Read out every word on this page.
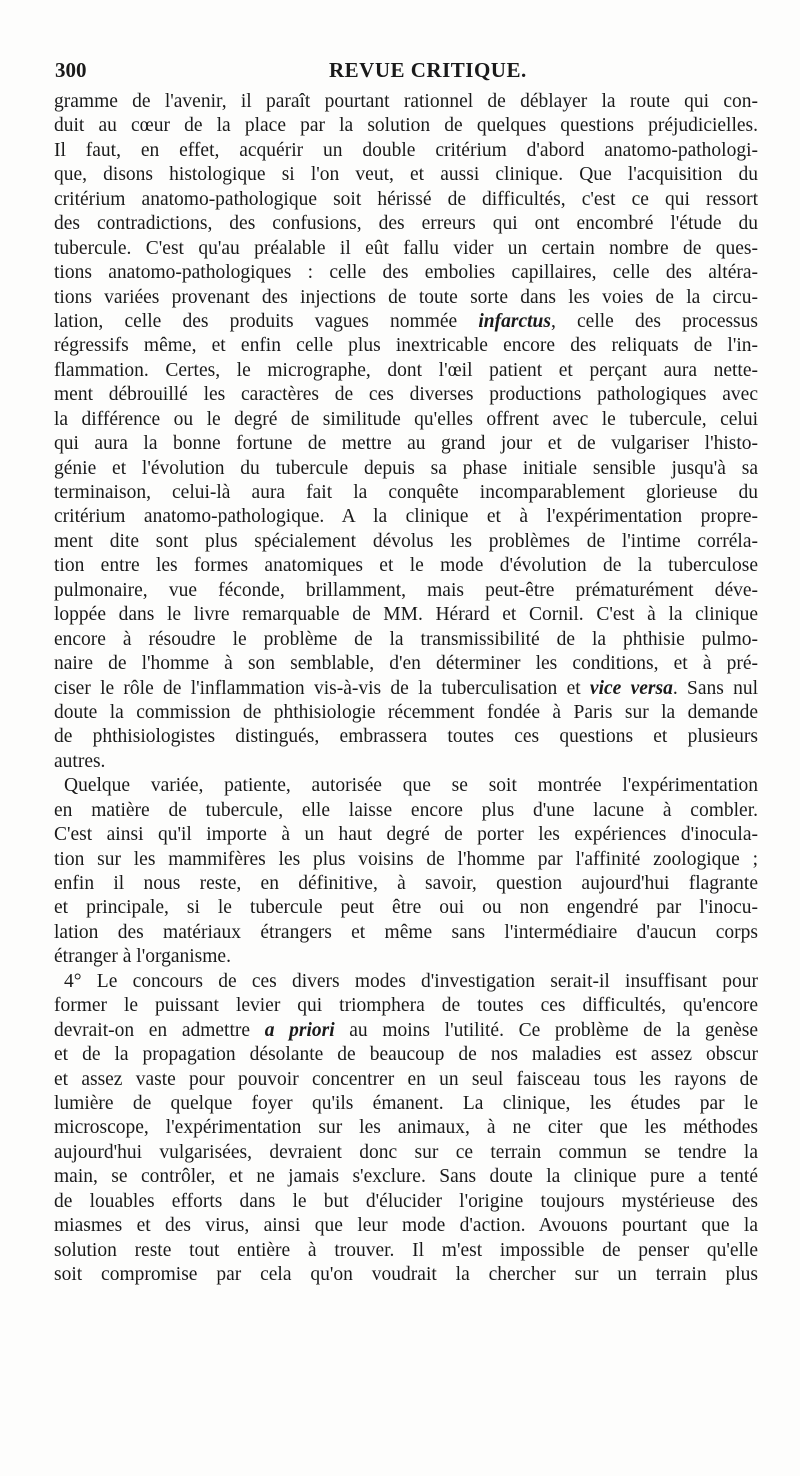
300	REVUE CRITIQUE.
gramme de l'avenir, il paraît pourtant rationnel de déblayer la route qui con-
duit au cœur de la place par la solution de quelques questions préjudicielles.
Il faut, en effet, acquérir un double critérium d'abord anatomo-pathologi-
que, disons histologique si l'on veut, et aussi clinique. Que l'acquisition du
critérium anatomo-pathologique soit hérissé de difficultés, c'est ce qui ressort
des contradictions, des confusions, des erreurs qui ont encombré l'étude du
tubercule. C'est qu'au préalable il eût fallu vider un certain nombre de ques-
tions anatomo-pathologiques : celle des embolies capillaires, celle des altéra-
tions variées provenant des injections de toute sorte dans les voies de la circu-
lation, celle des produits vagues nommée infarctus, celle des processus
régressifs même, et enfin celle plus inextricable encore des reliquats de l'in-
flammation. Certes, le micrographe, dont l'œil patient et perçant aura nette-
ment débrouillé les caractères de ces diverses productions pathologiques avec
la différence ou le degré de similitude qu'elles offrent avec le tubercule, celui
qui aura la bonne fortune de mettre au grand jour et de vulgariser l'histo-
génie et l'évolution du tubercule depuis sa phase initiale sensible jusqu'à sa
terminaison, celui-là aura fait la conquête incomparablement glorieuse du
critérium anatomo-pathologique. A la clinique et à l'expérimentation propre-
ment dite sont plus spécialement dévolus les problèmes de l'intime corréla-
tion entre les formes anatomiques et le mode d'évolution de la tuberculose
pulmonaire, vue féconde, brillamment, mais peut-être prématurément déve-
loppée dans le livre remarquable de MM. Hérard et Cornil. C'est à la clinique
encore à résoudre le problème de la transmissibilité de la phthisie pulmo-
naire de l'homme à son semblable, d'en déterminer les conditions, et à pré-
ciser le rôle de l'inflammation vis-à-vis de la tuberculisation et vice versa. Sans nul
doute la commission de phthisiologie récemment fondée à Paris sur la demande
de phthisiologistes distingués, embrassera toutes ces questions et plusieurs
autres.
Quelque variée, patiente, autorisée que se soit montrée l'expérimentation
en matière de tubercule, elle laisse encore plus d'une lacune à combler.
C'est ainsi qu'il importe à un haut degré de porter les expériences d'inocula-
tion sur les mammifères les plus voisins de l'homme par l'affinité zoologique ;
enfin il nous reste, en définitive, à savoir, question aujourd'hui flagrante
et principale, si le tubercule peut être oui ou non engendré par l'inocu-
lation des matériaux étrangers et même sans l'intermédiaire d'aucun corps
étranger à l'organisme.
4° Le concours de ces divers modes d'investigation serait-il insuffisant pour
former le puissant levier qui triomphera de toutes ces difficultés, qu'encore
devrait-on en admettre a priori au moins l'utilité. Ce problème de la genèse
et de la propagation désolante de beaucoup de nos maladies est assez obscur
et assez vaste pour pouvoir concentrer en un seul faisceau tous les rayons de
lumière de quelque foyer qu'ils émanent. La clinique, les études par le
microscope, l'expérimentation sur les animaux, à ne citer que les méthodes
aujourd'hui vulgarisées, devraient donc sur ce terrain commun se tendre la
main, se contrôler, et ne jamais s'exclure. Sans doute la clinique pure a tenté
de louables efforts dans le but d'élucider l'origine toujours mystérieuse des
miasmes et des virus, ainsi que leur mode d'action. Avouons pourtant que la
solution reste tout entière à trouver. Il m'est impossible de penser qu'elle
soit compromise par cela qu'on voudrait la chercher sur un terrain plus
